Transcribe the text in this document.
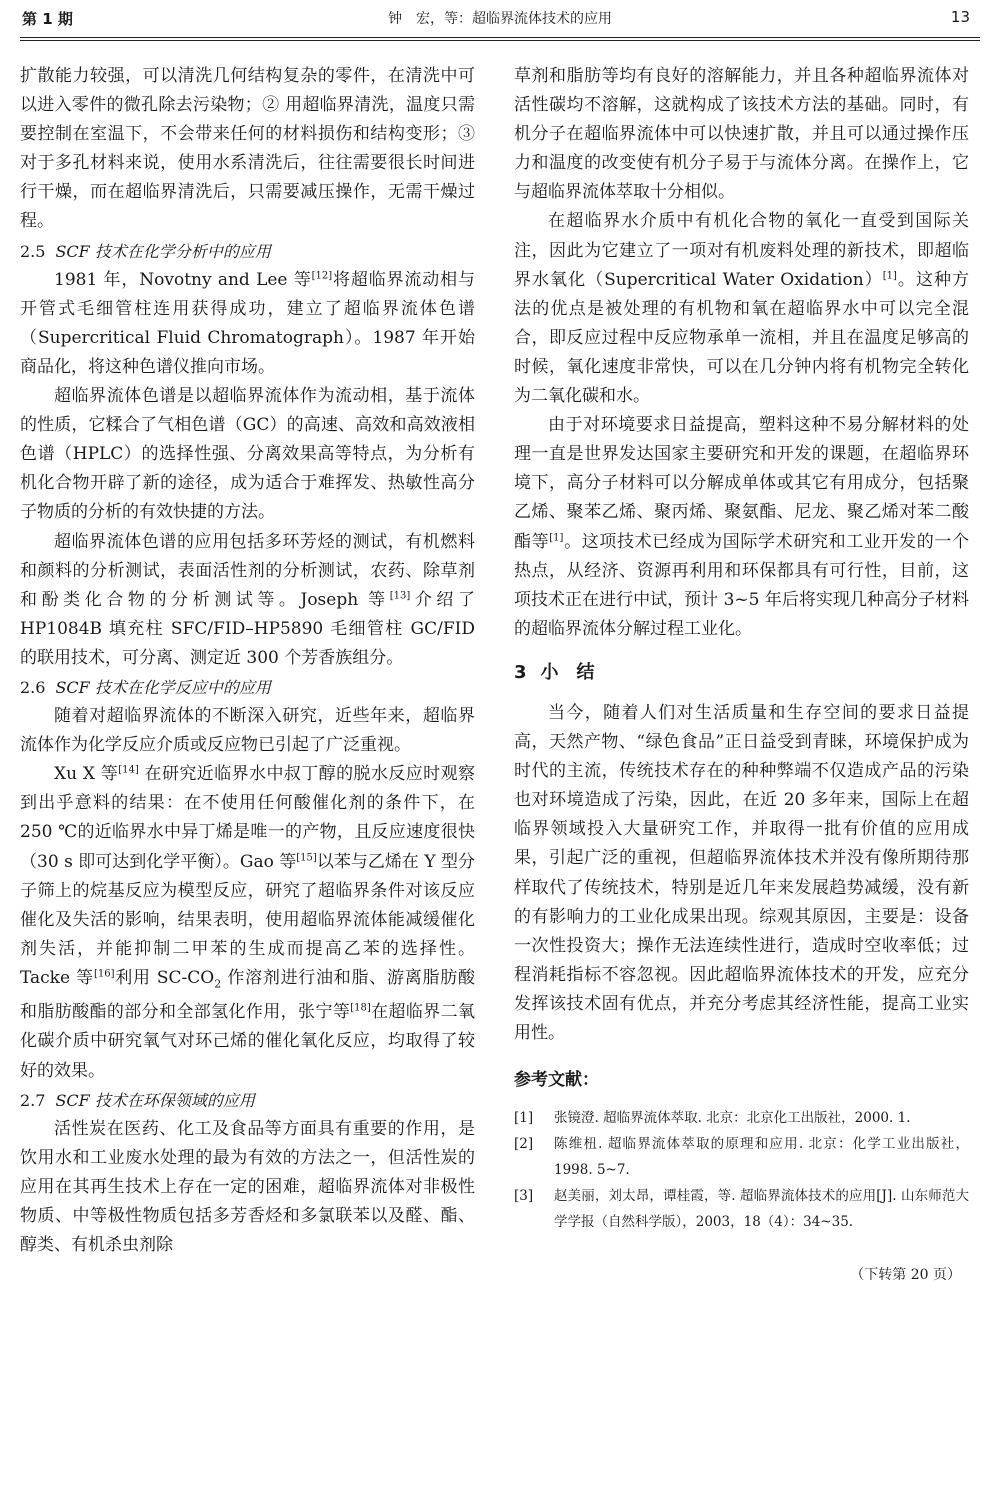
第 1 期	钟　宏，等：超临界流体技术的应用	13

扩散能力较强，可以清洗几何结构复杂的零件，在清洗中可以进入零件的微孔除去污染物；② 用超临界清洗，温度只需要控制在室温下，不会带来任何的材料损伤和结构变形；③ 对于多孔材料来说，使用水系清洗后，往往需要很长时间进行干燥，而在超临界清洗后，只需要减压操作，无需干燥过程。

2.5 SCF 技术在化学分析中的应用

1981 年，Novotny and Lee 等[12]将超临界流动相与开管式毛细管柱连用获得成功，建立了超临界流体色谱（Supercritical Fluid Chromatograph）。1987 年开始商品化，将这种色谱仪推向市场。

超临界流体色谱是以超临界流体作为流动相，基于流体的性质，它糅合了气相色谱（GC）的高速、高效和高效液相色谱（HPLC）的选择性强、分离效果高等特点，为分析有机化合物开辟了新的途径，成为适合于难挥发、热敏性高分子物质的分析的有效快捷的方法。

超临界流体色谱的应用包括多环芳烃的测试，有机燃料和颜料的分析测试，表面活性剂的分析测试，农药、除草剂和酚类化合物的分析测试等。Joseph 等[13]介绍了 HP1084B 填充柱 SFC/FID–HP5890 毛细管柱 GC/FID 的联用技术，可分离、测定近 300 个芳香族组分。

2.6 SCF 技术在化学反应中的应用

随着对超临界流体的不断深入研究，近些年来，超临界流体作为化学反应介质或反应物已引起了广泛重视。

Xu X 等[14] 在研究近临界水中叔丁醇的脱水反应时观察到出乎意料的结果：在不使用任何酸催化剂的条件下，在 250 ℃的近临界水中异丁烯是唯一的产物，且反应速度很快（30 s 即可达到化学平衡）。Gao 等[15]以苯与乙烯在 Y 型分子筛上的烷基反应为模型反应，研究了超临界条件对该反应催化及失活的影响，结果表明，使用超临界流体能减缓催化剂失活，并能抑制二甲苯的生成而提高乙苯的选择性。Tacke 等[16]利用 $SC-CO_2$ 作溶剂进行油和脂、游离脂肪酸和脂肪酸酯的部分和全部氢化作用，张宁等[18]在超临界二氧化碳介质中研究氧气对环己烯的催化氧化反应，均取得了较好的效果。

2.7 SCF 技术在环保领域的应用

活性炭在医药、化工及食品等方面具有重要的作用，是饮用水和工业废水处理的最为有效的方法之一，但活性炭的应用在其再生技术上存在一定的困难，超临界流体对非极性物质、中等极性物质包括多芳香烃和多氯联苯以及醛、酯、醇类、有机杀虫剂除

草剂和脂肪等均有良好的溶解能力，并且各种超临界流体对活性碳均不溶解，这就构成了该技术方法的基础。同时，有机分子在超临界流体中可以快速扩散，并且可以通过操作压力和温度的改变使有机分子易于与流体分离。在操作上，它与超临界流体萃取十分相似。

在超临界水介质中有机化合物的氧化一直受到国际关注，因此为它建立了一项对有机废料处理的新技术，即超临界水氧化（Supercritical Water Oxidation）[1]。这种方法的优点是被处理的有机物和氧在超临界水中可以完全混合，即反应过程中反应物承单一流相，并且在温度足够高的时候，氧化速度非常快，可以在几分钟内将有机物完全转化为二氧化碳和水。

由于对环境要求日益提高，塑料这种不易分解材料的处理一直是世界发达国家主要研究和开发的课题，在超临界环境下，高分子材料可以分解成单体或其它有用成分，包括聚乙烯、聚苯乙烯、聚丙烯、聚氨酯、尼龙、聚乙烯对苯二酸酯等[1]。这项技术已经成为国际学术研究和工业开发的一个热点，从经济、资源再利用和环保都具有可行性，目前，这项技术正在进行中试，预计 3~5 年后将实现几种高分子材料的超临界流体分解过程工业化。

3 小　结

当今，随着人们对生活质量和生存空间的要求日益提高，天然产物、“绿色食品”正日益受到青睐，环境保护成为时代的主流，传统技术存在的种种弊端不仅造成产品的污染也对环境造成了污染，因此，在近 20 多年来，国际上在超临界领域投入大量研究工作，并取得一批有价值的应用成果，引起广泛的重视，但超临界流体技术并没有像所期待那样取代了传统技术，特别是近几年来发展趋势减缓，没有新的有影响力的工业化成果出现。综观其原因，主要是：设备一次性投资大；操作无法连续性进行，造成时空收率低；过程消耗指标不容忽视。因此超临界流体技术的开发，应充分发挥该技术固有优点，并充分考虑其经济性能，提高工业实用性。

参考文献：
[1]	张镜澄. 超临界流体萃取. 北京：北京化工出版社，2000. 1.
[2]	陈维杻. 超临界流体萃取的原理和应用. 北京：化学工业出版社，1998. 5~7.
[3]	赵美丽，刘太昂，谭桂霞，等. 超临界流体技术的应用[J]. 山东师范大学学报（自然科学版），2003，18（4）：34~35.
（下转第 20 页）
